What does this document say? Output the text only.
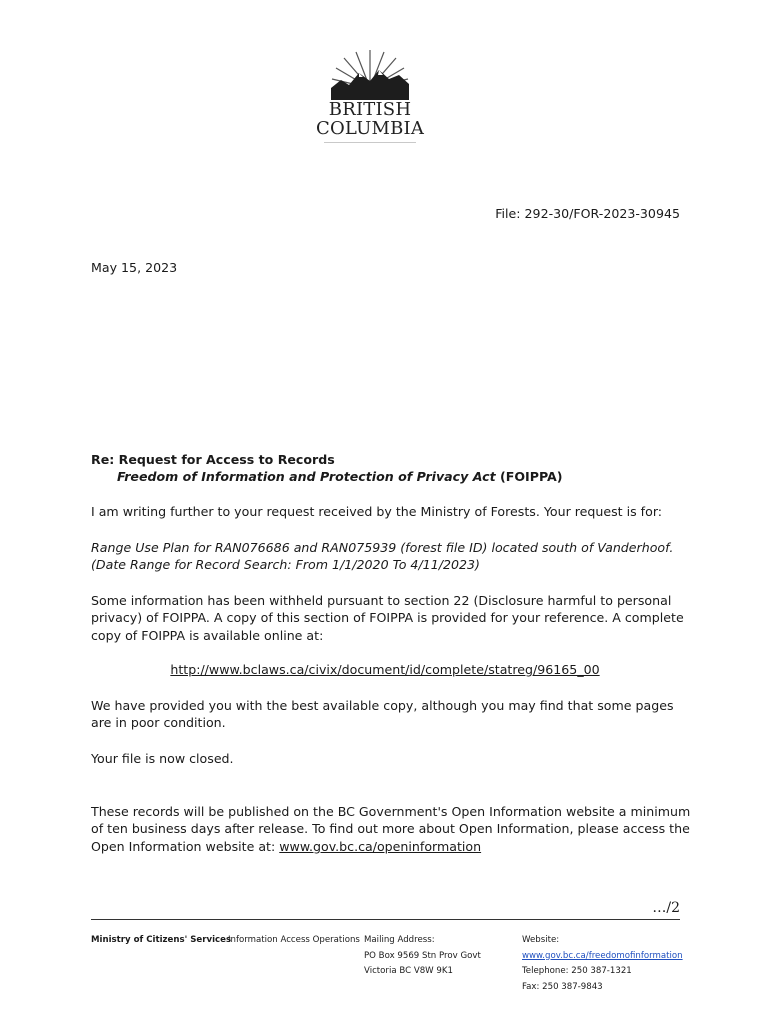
BRITISH
COLUMBIA
File: 292-30/FOR-2023-30945
May 15, 2023
Re: Request for Access to Records
Freedom of Information and Protection of Privacy Act (FOIPPA)
I am writing further to your request received by the Ministry of Forests. Your request is for:
Range Use Plan for RAN076686 and RAN075939 (forest file ID) located south of Vanderhoof. (Date Range for Record Search: From 1/1/2020 To 4/11/2023)
Some information has been withheld pursuant to section 22 (Disclosure harmful to personal privacy) of FOIPPA. A copy of this section of FOIPPA is provided for your reference. A complete copy of FOIPPA is available online at:
http://www.bclaws.ca/civix/document/id/complete/statreg/96165_00
We have provided you with the best available copy, although you may find that some pages are in poor condition.
Your file is now closed.
These records will be published on the BC Government's Open Information website a minimum of ten business days after release. To find out more about Open Information, please access the Open Information website at: www.gov.bc.ca/openinformation
…/2
Ministry of Citizens' Services
Information Access Operations Mailing Address:
PO Box 9569 Stn Prov Govt
Victoria BC V8W 9K1
Website:
www.gov.bc.ca/freedomofinformation
Telephone: 250 387-1321
Fax: 250 387-9843
